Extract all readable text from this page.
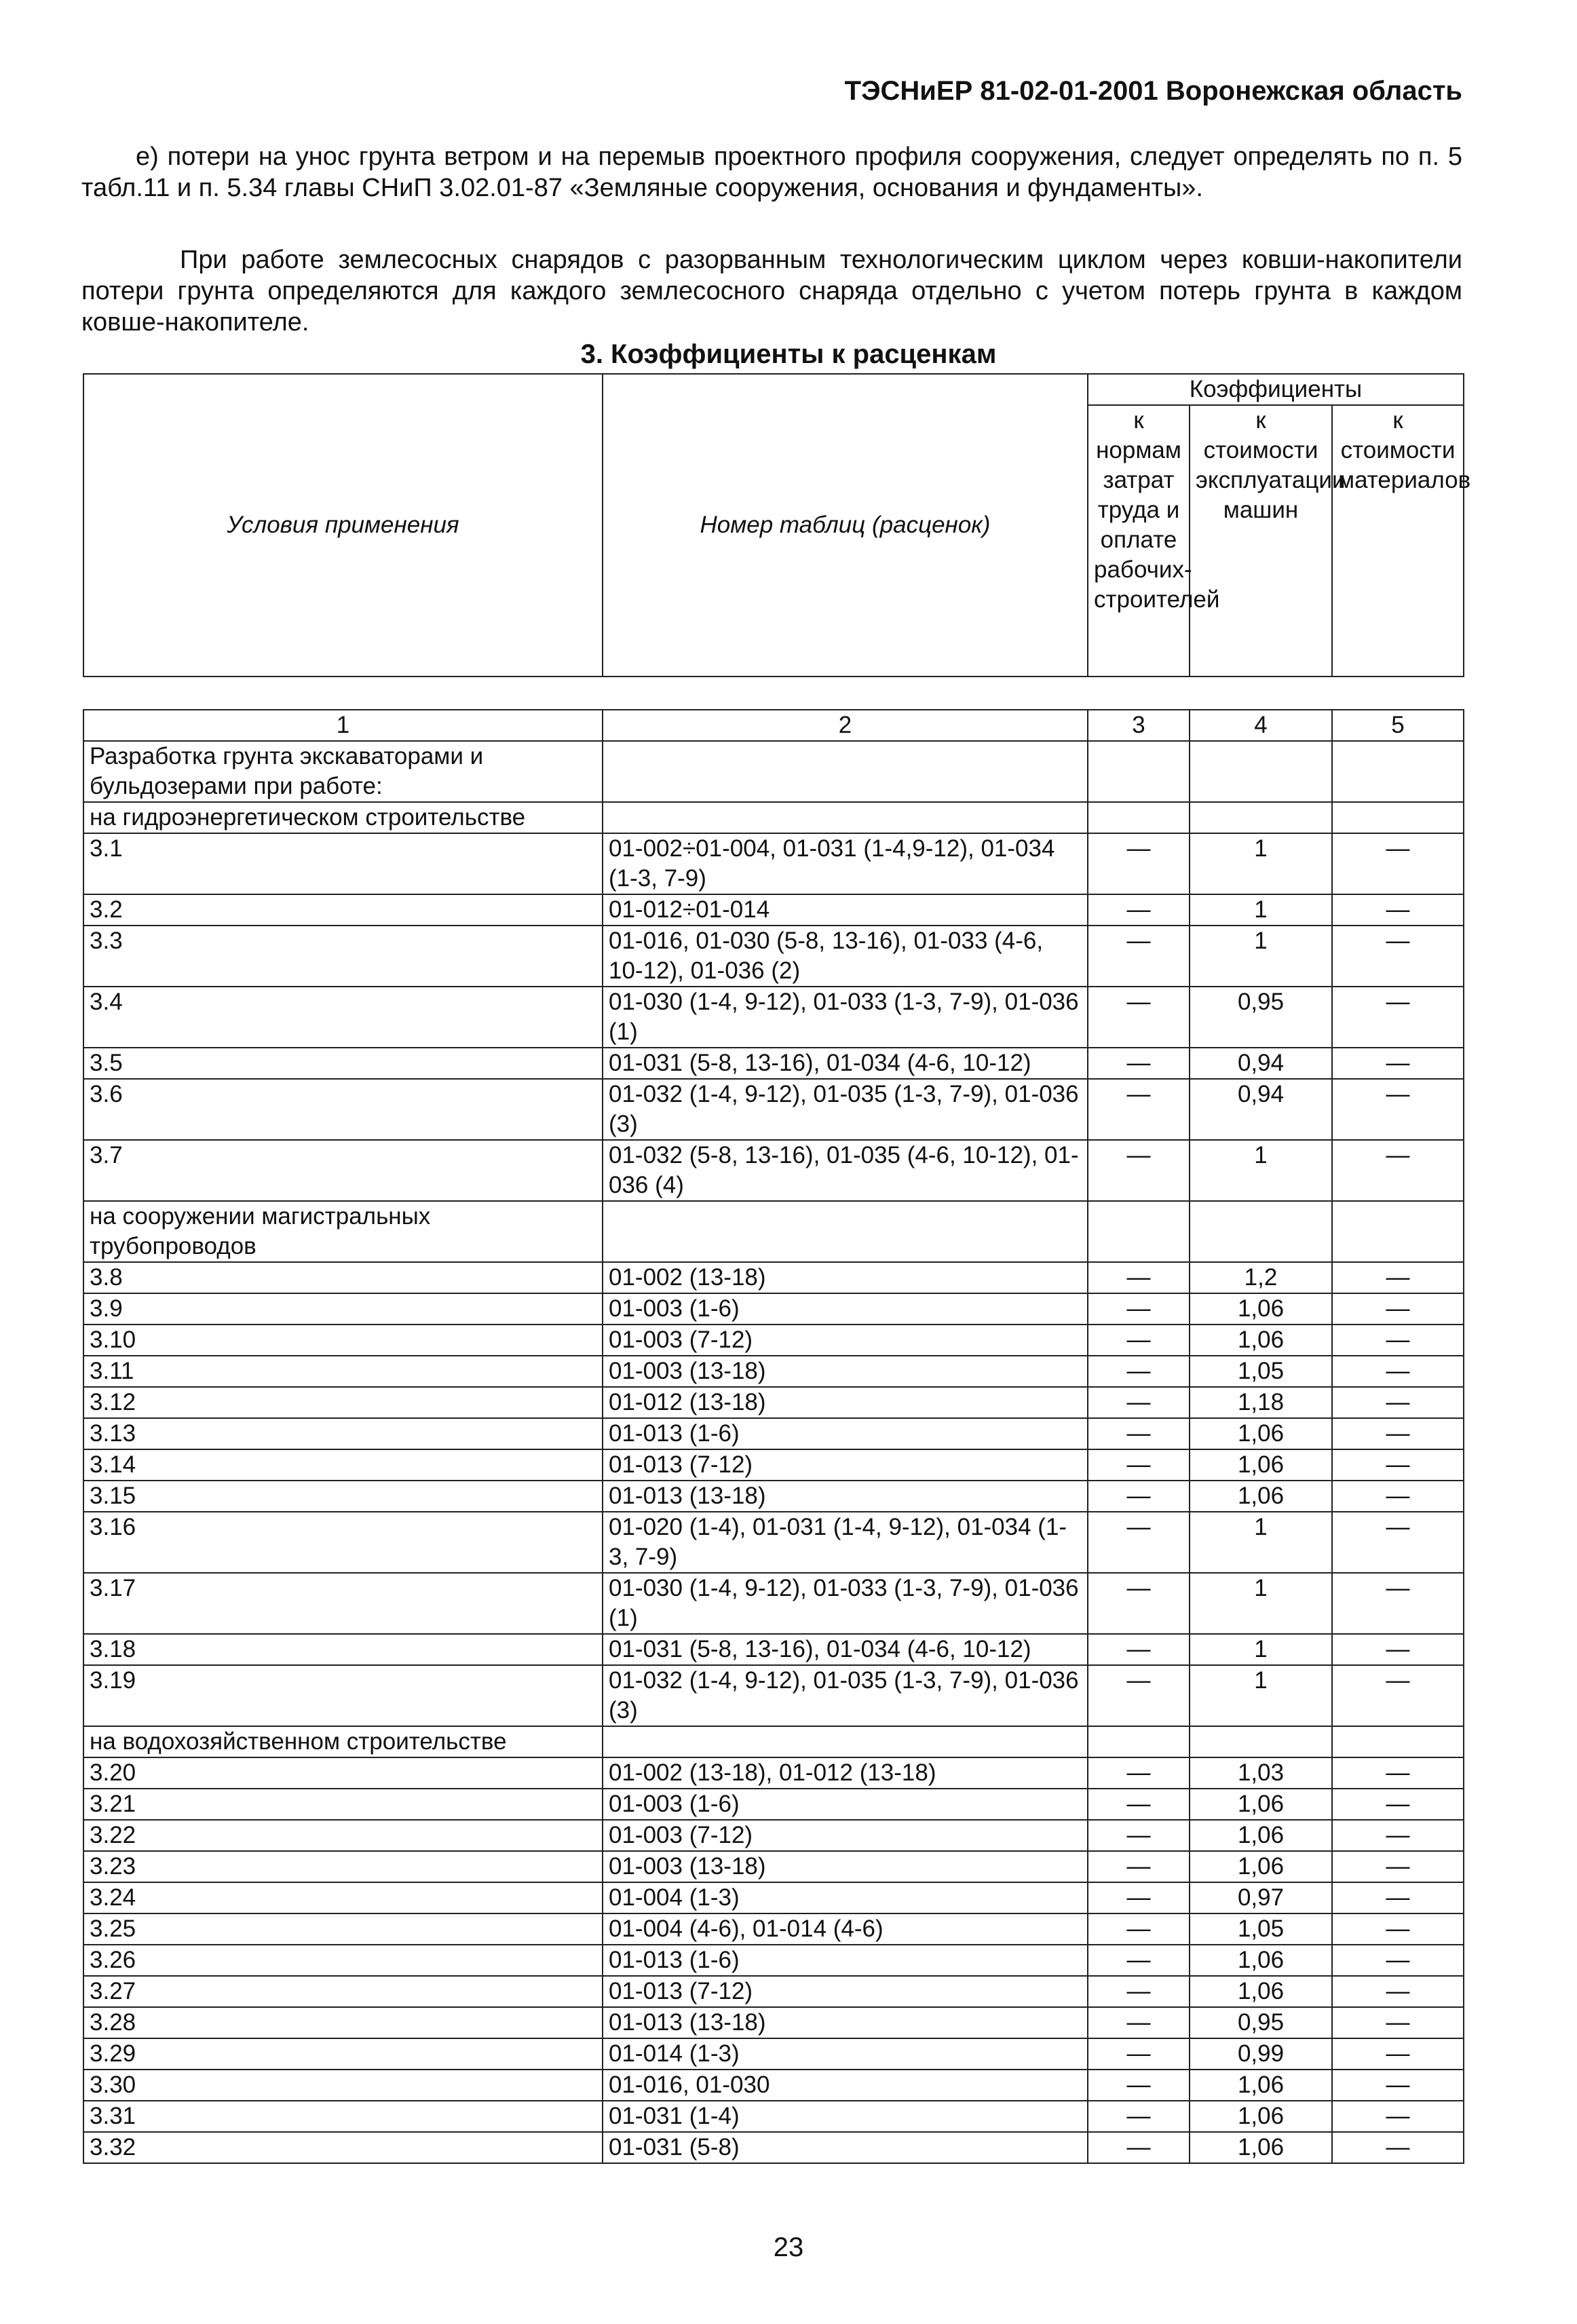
ТЭСНиЕР 81-02-01-2001 Воронежская область
е) потери на унос грунта ветром и на перемыв проектного профиля сооружения, следует определять по п. 5 табл.11 и п. 5.34 главы СНиП 3.02.01-87 «Земляные сооружения, основания и фундаменты».
При работе землесосных снарядов с разорванным технологическим циклом через ковши-накопители потери грунта определяются для каждого землесосного снаряда отдельно с учетом потерь грунта в каждом ковше-накопителе.
3. Коэффициенты к расценкам
Условия применения	Номер таблиц (расценок)	Коэффициенты		
		к нормам затрат труда и оплате рабочих-строителей	к стоимости эксплуатации машин	к стоимости материалов
1	2	3	4	5
Разработка грунта экскаваторами и бульдозерами при работе:				
на гидроэнергетическом строительстве				
3.1	01-002÷01-004, 01-031 (1-4,9-12), 01-034 (1-3, 7-9)	—	1	—
3.2	01-012÷01-014	—	1	—
3.3	01-016, 01-030 (5-8, 13-16), 01-033 (4-6, 10-12), 01-036 (2)	—	1	—
3.4	01-030 (1-4, 9-12), 01-033 (1-3, 7-9), 01-036 (1)	—	0,95	—
3.5	01-031 (5-8, 13-16), 01-034 (4-6, 10-12)	—	0,94	—
3.6	01-032 (1-4, 9-12), 01-035 (1-3, 7-9), 01-036 (3)	—	0,94	—
3.7	01-032 (5-8, 13-16), 01-035 (4-6, 10-12), 01-036 (4)	—	1	—
на сооружении магистральных трубопроводов				
3.8	01-002 (13-18)	—	1,2	—
3.9	01-003 (1-6)	—	1,06	—
3.10	01-003 (7-12)	—	1,06	—
3.11	01-003 (13-18)	—	1,05	—
3.12	01-012 (13-18)	—	1,18	—
3.13	01-013 (1-6)	—	1,06	—
3.14	01-013 (7-12)	—	1,06	—
3.15	01-013 (13-18)	—	1,06	—
3.16	01-020 (1-4), 01-031 (1-4, 9-12), 01-034 (1-3, 7-9)	—	1	—
3.17	01-030 (1-4, 9-12), 01-033 (1-3, 7-9), 01-036 (1)	—	1	—
3.18	01-031 (5-8, 13-16), 01-034 (4-6, 10-12)	—	1	—
3.19	01-032 (1-4, 9-12), 01-035 (1-3, 7-9), 01-036 (3)	—	1	—
на водохозяйственном строительстве				
3.20	01-002 (13-18), 01-012 (13-18)	—	1,03	—
3.21	01-003 (1-6)	—	1,06	—
3.22	01-003 (7-12)	—	1,06	—
3.23	01-003 (13-18)	—	1,06	—
3.24	01-004 (1-3)	—	0,97	—
3.25	01-004 (4-6), 01-014 (4-6)	—	1,05	—
3.26	01-013 (1-6)	—	1,06	—
3.27	01-013 (7-12)	—	1,06	—
3.28	01-013 (13-18)	—	0,95	—
3.29	01-014 (1-3)	—	0,99	—
3.30	01-016, 01-030	—	1,06	—
3.31	01-031 (1-4)	—	1,06	—
3.32	01-031 (5-8)	—	1,06	—
23
